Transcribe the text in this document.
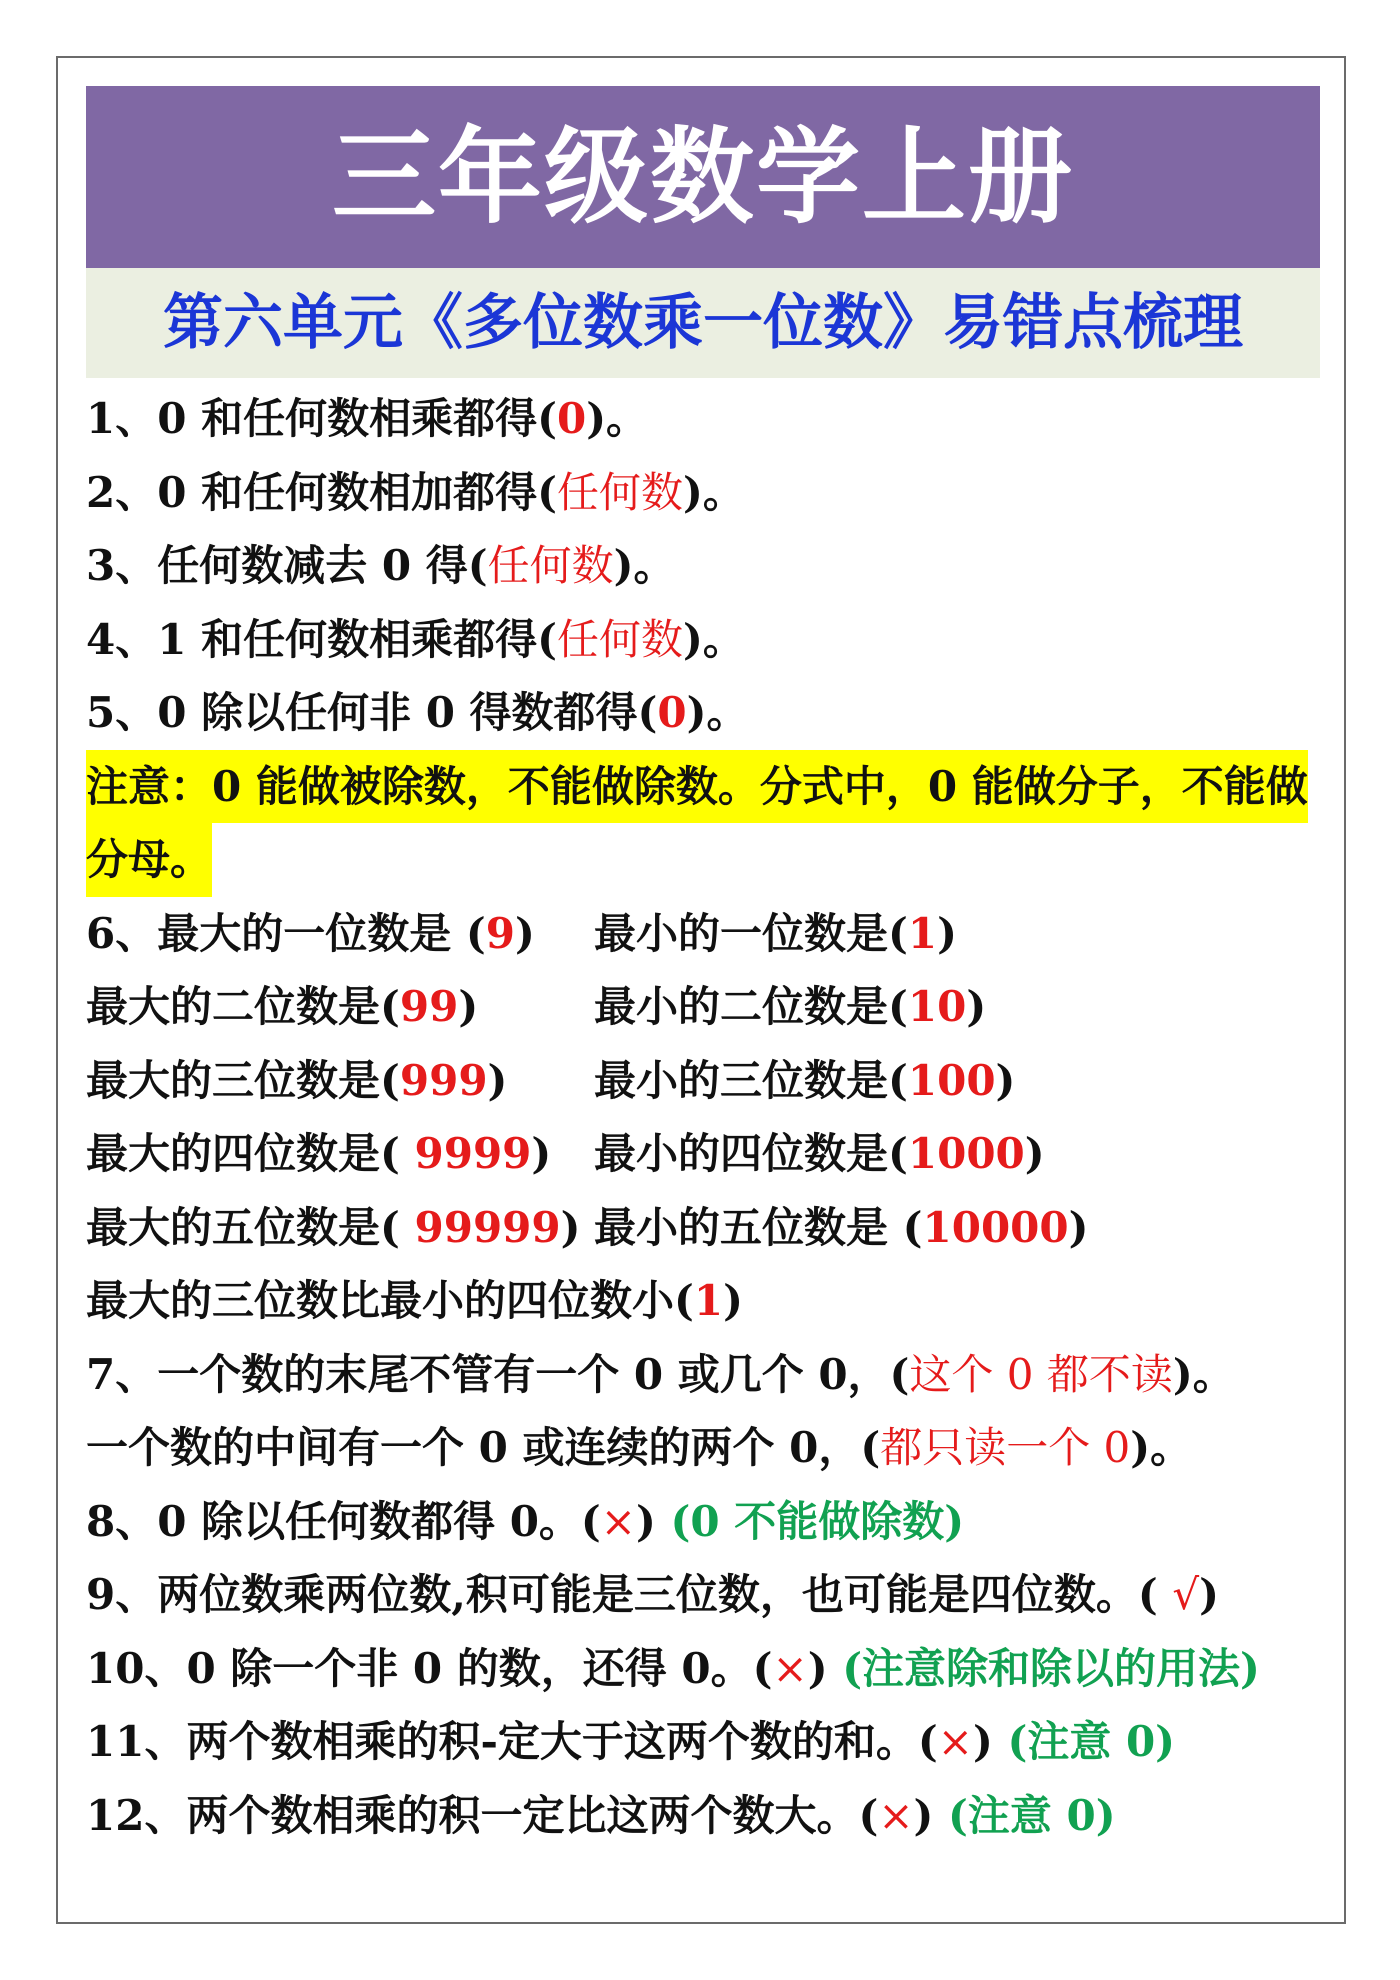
三年级数学上册
第六单元《多位数乘一位数》易错点梳理
1、0 和任何数相乘都得(0)。
2、0 和任何数相加都得(任何数)。
3、任何数减去 0 得(任何数)。
4、1 和任何数相乘都得(任何数)。
5、0 除以任何非 0 得数都得(0)。
注意：0 能做被除数，不能做除数。分式中，0 能做分子，不能做
分母。
6、最大的一位数是 (9) 最小的一位数是(1)
最大的二位数是(99)	最小的二位数是(10)
最大的三位数是(999) 最小的三位数是(100)
最大的四位数是( 9999) 最小的四位数是(1000)
最大的五位数是( 99999) 最小的五位数是 (10000)
最大的三位数比最小的四位数小(1)
7、一个数的末尾不管有一个 0 或几个 0，(这个 0 都不读)。
一个数的中间有一个 0 或连续的两个 0，(都只读一个 0)。
8、0 除以任何数都得 0。(×) (0 不能做除数)
9、两位数乘两位数,积可能是三位数，也可能是四位数。( √)
10、0 除一个非 0 的数，还得 0。(×) (注意除和除以的用法)
11、两个数相乘的积-定大于这两个数的和。(×) (注意 0)
12、两个数相乘的积一定比这两个数大。(×) (注意 0)
